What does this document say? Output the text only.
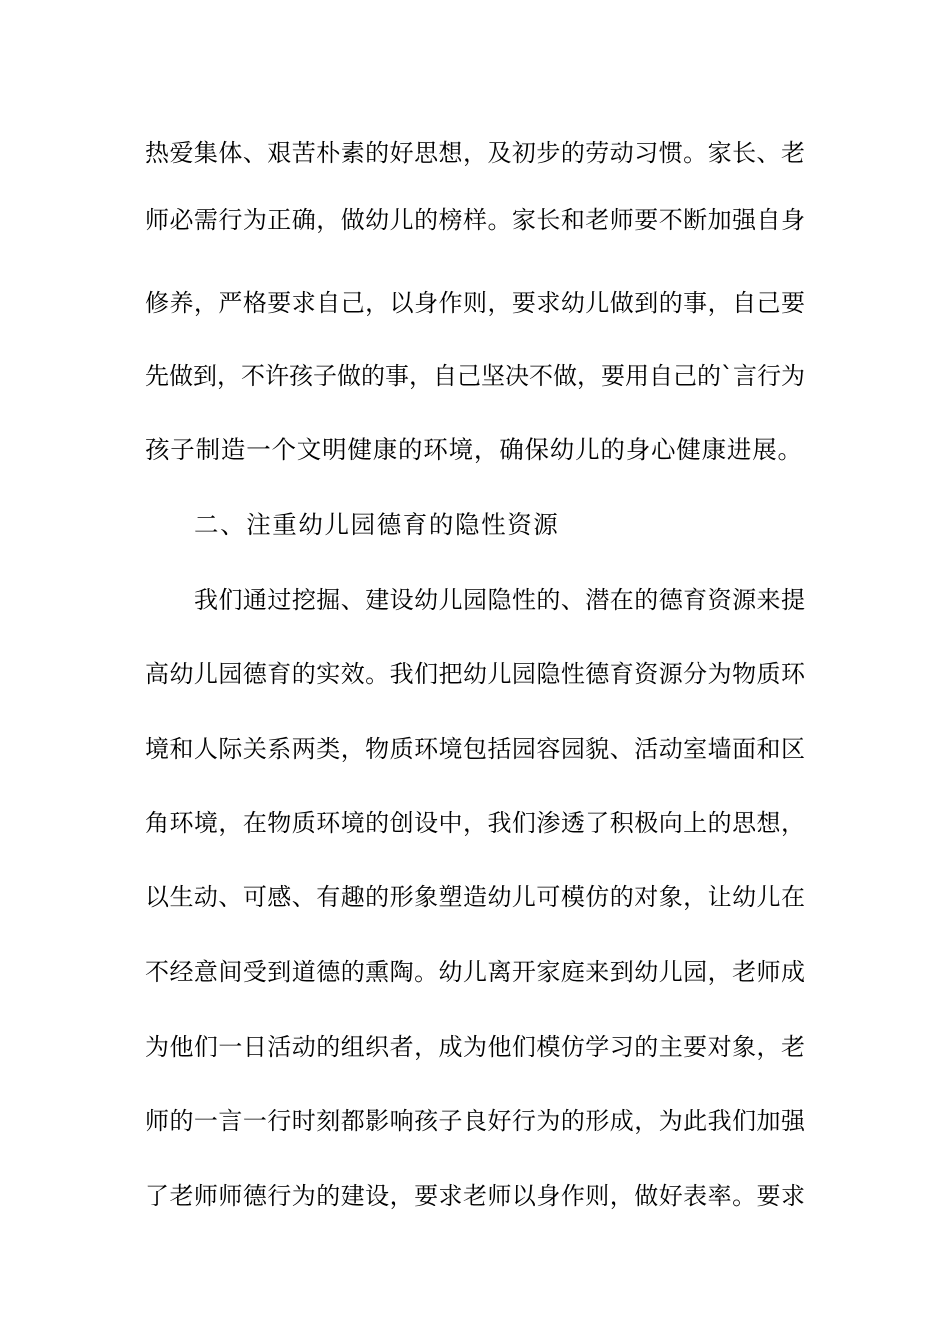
热爱集体、艰苦朴素的好思想，及初步的劳动习惯。家长、老
师必需行为正确，做幼儿的榜样。家长和老师要不断加强自身
修养，严格要求自己，以身作则，要求幼儿做到的事，自己要
先做到，不许孩子做的事，自己坚决不做，要用自己的`言行为
孩子制造一个文明健康的环境，确保幼儿的身心健康进展。
二、注重幼儿园德育的隐性资源
我们通过挖掘、建设幼儿园隐性的、潜在的德育资源来提
高幼儿园德育的实效。我们把幼儿园隐性德育资源分为物质环
境和人际关系两类，物质环境包括园容园貌、活动室墙面和区
角环境，在物质环境的创设中，我们渗透了积极向上的思想，
以生动、可感、有趣的形象塑造幼儿可模仿的对象，让幼儿在
不经意间受到道德的熏陶。幼儿离开家庭来到幼儿园，老师成
为他们一日活动的组织者，成为他们模仿学习的主要对象，老
师的一言一行时刻都影响孩子良好行为的形成，为此我们加强
了老师师德行为的建设，要求老师以身作则，做好表率。要求
